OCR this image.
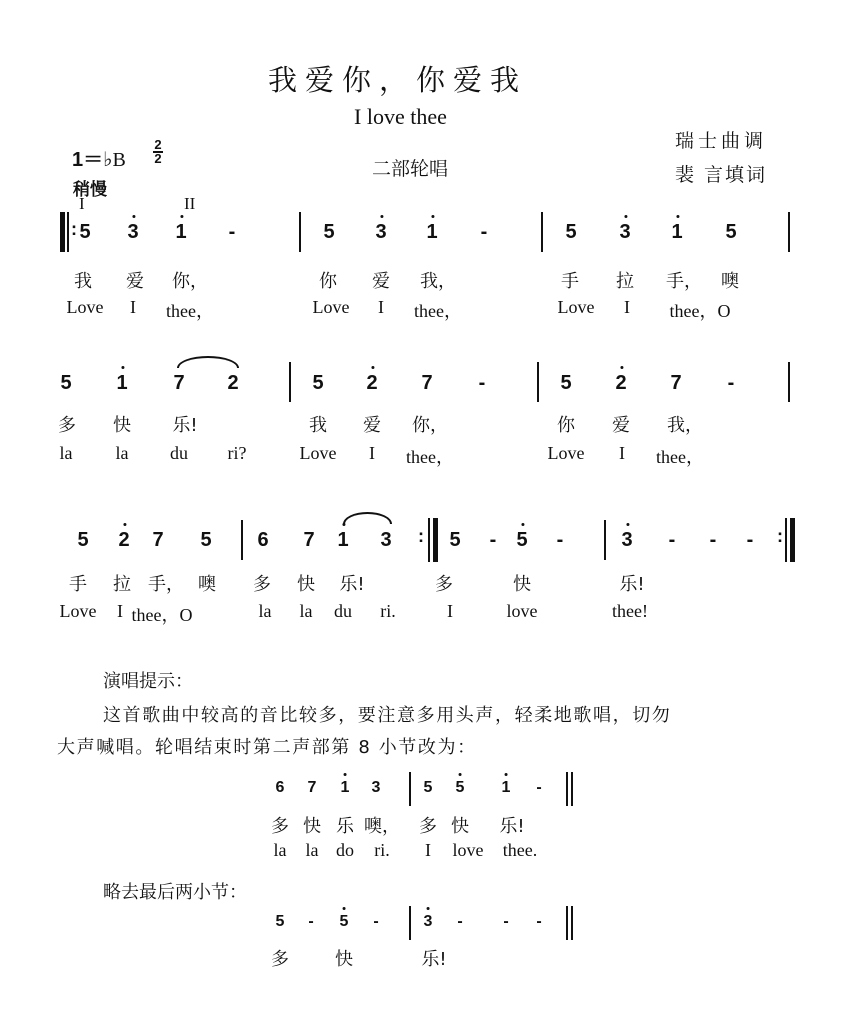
我爱你，你爱我
I love thee
二部轮唱
瑞士曲调
裴 言填词
1＝♭B $\frac{2}{2}$
稍慢
I	II
演唱提示：
这首歌曲中较高的音比较多，要注意多用头声，轻柔地歌唱，切勿
大声喊唱。轮唱结束时第二声部第 8 小节改为：
略去最后两小节：
: 5 3 1 -	5 3 1 -	5 3 1 5
我 爱 你，	你 爱 我，	手 拉 手， 噢
Love I thee，	Love I thee，	Love I thee，O
5 1 7 2	5 2 7 -	5 2 7 -
多 快 乐!	我 爱 你，	你 爱 我，
la la du ri?	Love I thee，	Love I thee，
5 2 7 5 6 7 1 3	5 - 5 -	3 - - -
:	:
手 拉 手， 噢 多 快 乐!	多	快	乐!
Love I thee，O	la la du ri.	I	love	thee!
6 7 1 3	5 5 1 -
多 快 乐 噢， 多 快 乐!
la la do ri. I love thee.
5 - 5 -	3 -	- -
多	快	乐!
